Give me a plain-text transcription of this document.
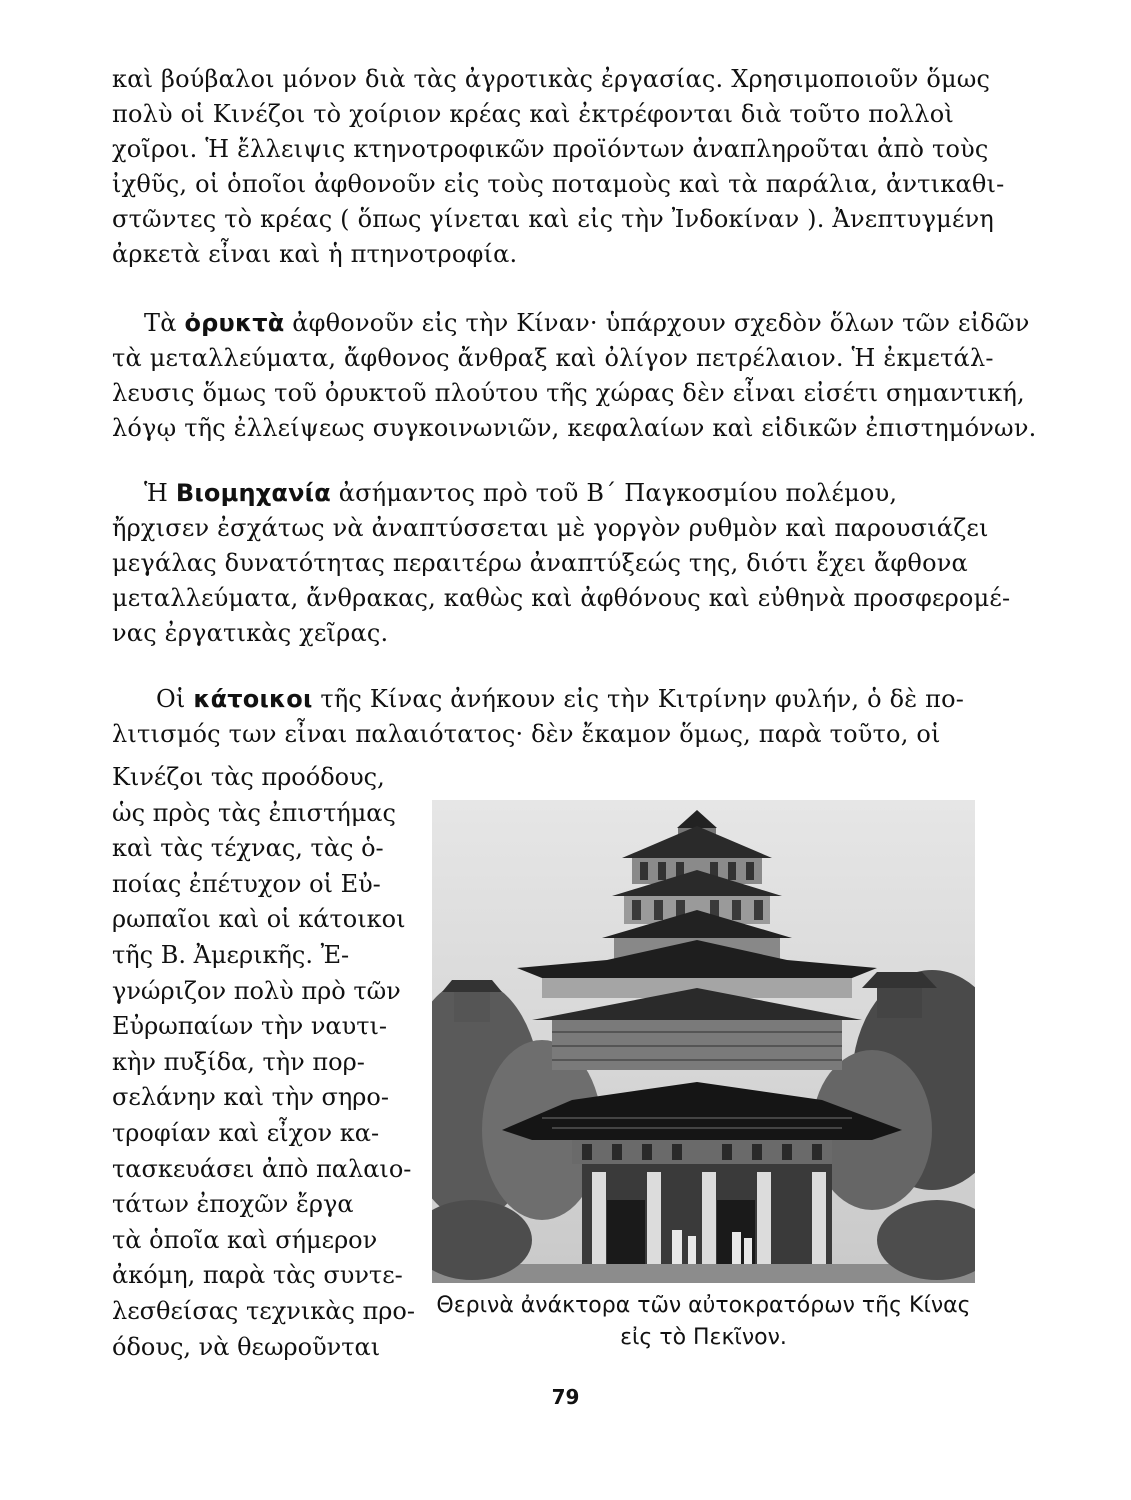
καὶ βούβαλοι μόνον διὰ τὰς ἀγροτικὰς ἐργασίας. Χρησιμοποιοῦν ὅμως
πολὺ οἱ Κινέζοι τὸ χοίριον κρέας καὶ ἐκτρέφονται διὰ τοῦτο πολλοὶ
χοῖροι. Ἡ ἔλλειψις κτηνοτροφικῶν προϊόντων ἀναπληροῦται ἀπὸ τοὺς
ἰχθῦς, οἱ ὁποῖοι ἀφθονοῦν εἰς τοὺς ποταμοὺς καὶ τὰ παράλια, ἀντικαθι-
στῶντες τὸ κρέας ( ὅπως γίνεται καὶ εἰς τὴν Ἰνδοκίναν ). Ἀνεπτυγμένη
ἀρκετὰ εἶναι καὶ ἡ πτηνοτροφία.
Τὰ ὀρυκτὰ ἀφθονοῦν εἰς τὴν Κίναν· ὑπάρχουν σχεδὸν ὅλων τῶν εἰδῶν
τὰ μεταλλεύματα, ἄφθονος ἄνθραξ καὶ ὀλίγον πετρέλαιον. Ἡ ἐκμετάλ-
λευσις ὅμως τοῦ ὀρυκτοῦ πλούτου τῆς χώρας δὲν εἶναι εἰσέτι σημαντική,
λόγῳ τῆς ἐλλείψεως συγκοινωνιῶν, κεφαλαίων καὶ εἰδικῶν ἐπιστημόνων.
Ἡ Βιομηχανία ἀσήμαντος πρὸ τοῦ Β΄ Παγκοσμίου πολέμου,
ἤρχισεν ἐσχάτως νὰ ἀναπτύσσεται μὲ γοργὸν ρυθμὸν καὶ παρουσιάζει
μεγάλας δυνατότητας περαιτέρω ἀναπτύξεώς της, διότι ἔχει ἄφθονα
μεταλλεύματα, ἄνθρακας, καθὼς καὶ ἀφθόνους καὶ εὐθηνὰ προσφερομέ-
νας ἐργατικὰς χεῖρας.
Οἱ κάτοικοι τῆς Κίνας ἀνήκουν εἰς τὴν Κιτρίνην φυλήν, ὁ δὲ πο-
λιτισμός των εἶναι παλαιότατος· δὲν ἔκαμον ὅμως, παρὰ τοῦτο, οἱ
Κινέζοι τὰς προόδους,
ὡς πρὸς τὰς ἐπιστήμας
καὶ τὰς τέχνας, τὰς ὁ-
ποίας ἐπέτυχον οἱ Εὐ-
ρωπαῖοι καὶ οἱ κάτοικοι
τῆς Β. Ἀμερικῆς. Ἐ-
γνώριζον πολὺ πρὸ τῶν
Εὐρωπαίων τὴν ναυτι-
κὴν πυξίδα, τὴν πορ-
σελάνην καὶ τὴν σηρο-
τροφίαν καὶ εἶχον κα-
τασκευάσει ἀπὸ παλαιο-
τάτων ἐποχῶν ἔργα
τὰ ὁποῖα καὶ σήμερον
ἀκόμη, παρὰ τὰς συντε-
λεσθείσας τεχνικὰς προ-
όδους, νὰ θεωροῦνται
Θερινὰ ἀνάκτορα τῶν αὐτοκρατόρων τῆς Κίνας
εἰς τὸ Πεκῖνον.
79
